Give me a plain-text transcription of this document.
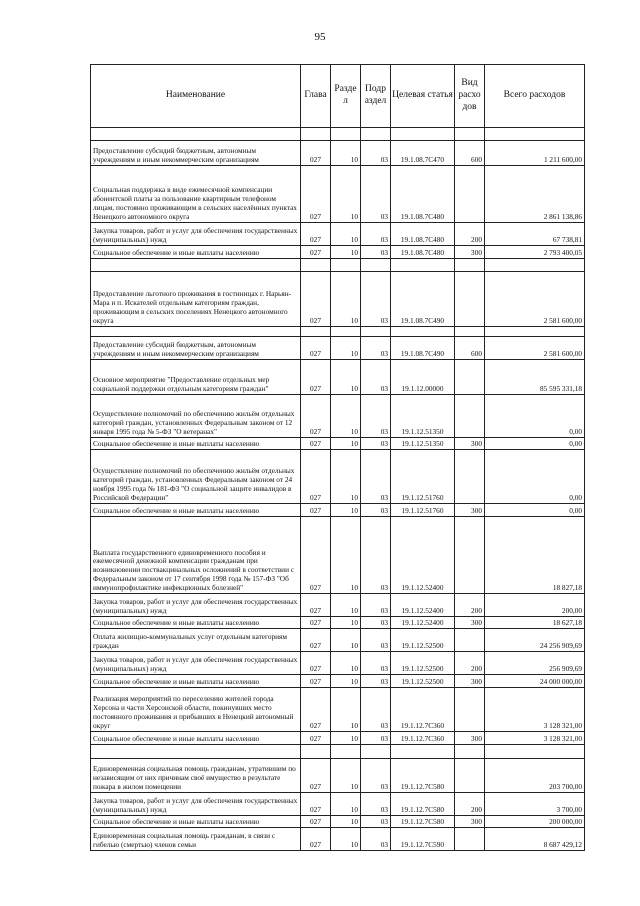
95
Наименование	Глава	Разде л	Подр аздел	Целевая статья	Вид расхо дов	Всего расходов

Предоставление субсидий бюджетным, автономным учреждениям и иным некоммерческим организациям	027	10	03	19.1.08.7С470	600	1 211 600,00
Социальная поддержка в виде ежемесячной компенсации абонентской платы за пользование квартирным телефоном лицам, постоянно проживающим в сельских населённых пунктах Ненецкого автономного округа	027	10	03	19.1.08.7С480		2 861 138,86
Закупка товаров, работ и услуг для обеспечения государственных (муниципальных) нужд	027	10	03	19.1.08.7С480	200	67 738,81
Социальное обеспечение и иные выплаты населению	027	10	03	19.1.08.7С480	300	2 793 400,05

Предоставление льготного проживания в гостиницах г. Нарьян-Мара и п. Искателей отдельным категориям граждан, проживающим в сельских поселениях Ненецкого автономного округа	027	10	03	19.1.08.7С490		2 581 600,00

Предоставление субсидий бюджетным, автономным учреждениям и иным некоммерческим организациям	027	10	03	19.1.08.7С490	600	2 581 600,00
Основное мероприятие "Предоставление отдельных мер социальной поддержки отдельным категориям граждан"	027	10	03	19.1.12.00000		85 595 331,18
Осуществление полномочий по обеспечению жильём отдельных категорий граждан, установленных Федеральным законом от 12 января 1995 года № 5-ФЗ "О ветеранах"	027	10	03	19.1.12.51350		0,00
Социальное обеспечение и иные выплаты населению	027	10	03	19.1.12.51350	300	0,00
Осуществление полномочий по обеспечению жильём отдельных категорий граждан, установленных Федеральным законом от 24 ноября 1995 года № 181-ФЗ "О социальной защите инвалидов в Российской Федерации"	027	10	03	19.1.12.51760		0,00
Социальное обеспечение и иные выплаты населению	027	10	03	19.1.12.51760	300	0,00
Выплата государственного единовременного пособия и ежемесячной денежной компенсации гражданам при возникновении поствакцинальных осложнений в соответствии с Федеральным законом от 17 сентября 1998 года № 157-ФЗ "Об иммунопрофилактике инфекционных болезней"	027	10	03	19.1.12.52400		18 827,18
Закупка товаров, работ и услуг для обеспечения государственных (муниципальных) нужд	027	10	03	19.1.12.52400	200	200,00
Социальное обеспечение и иные выплаты населению	027	10	03	19.1.12.52400	300	18 627,18
Оплата жилищно-коммунальных услуг отдельным категориям граждан	027	10	03	19.1.12.52500		24 256 909,69
Закупка товаров, работ и услуг для обеспечения государственных (муниципальных) нужд	027	10	03	19.1.12.52500	200	256 909,69
Социальное обеспечение и иные выплаты населению	027	10	03	19.1.12.52500	300	24 000 000,00
Реализация мероприятий по переселению жителей города Херсона и части Херсонской области, покинувших место постоянного проживания и прибывших в Ненецкий автономный округ	027	10	03	19.1.12.7С360		3 128 321,00
Социальное обеспечение и иные выплаты населению	027	10	03	19.1.12.7С360	300	3 128 321,00

Единовременная социальная помощь гражданам, утратившим по независящим от них причинам своё имущество в результате пожара в жилом помещении	027	10	03	19.1.12.7С580		203 700,00
Закупка товаров, работ и услуг для обеспечения государственных (муниципальных) нужд	027	10	03	19.1.12.7С580	200	3 700,00
Социальное обеспечение и иные выплаты населению	027	10	03	19.1.12.7С580	300	200 000,00
Единовременная социальная помощь гражданам, в связи с гибелью (смертью) членов семьи	027	10	03	19.1.12.7С590		8 687 429,12
